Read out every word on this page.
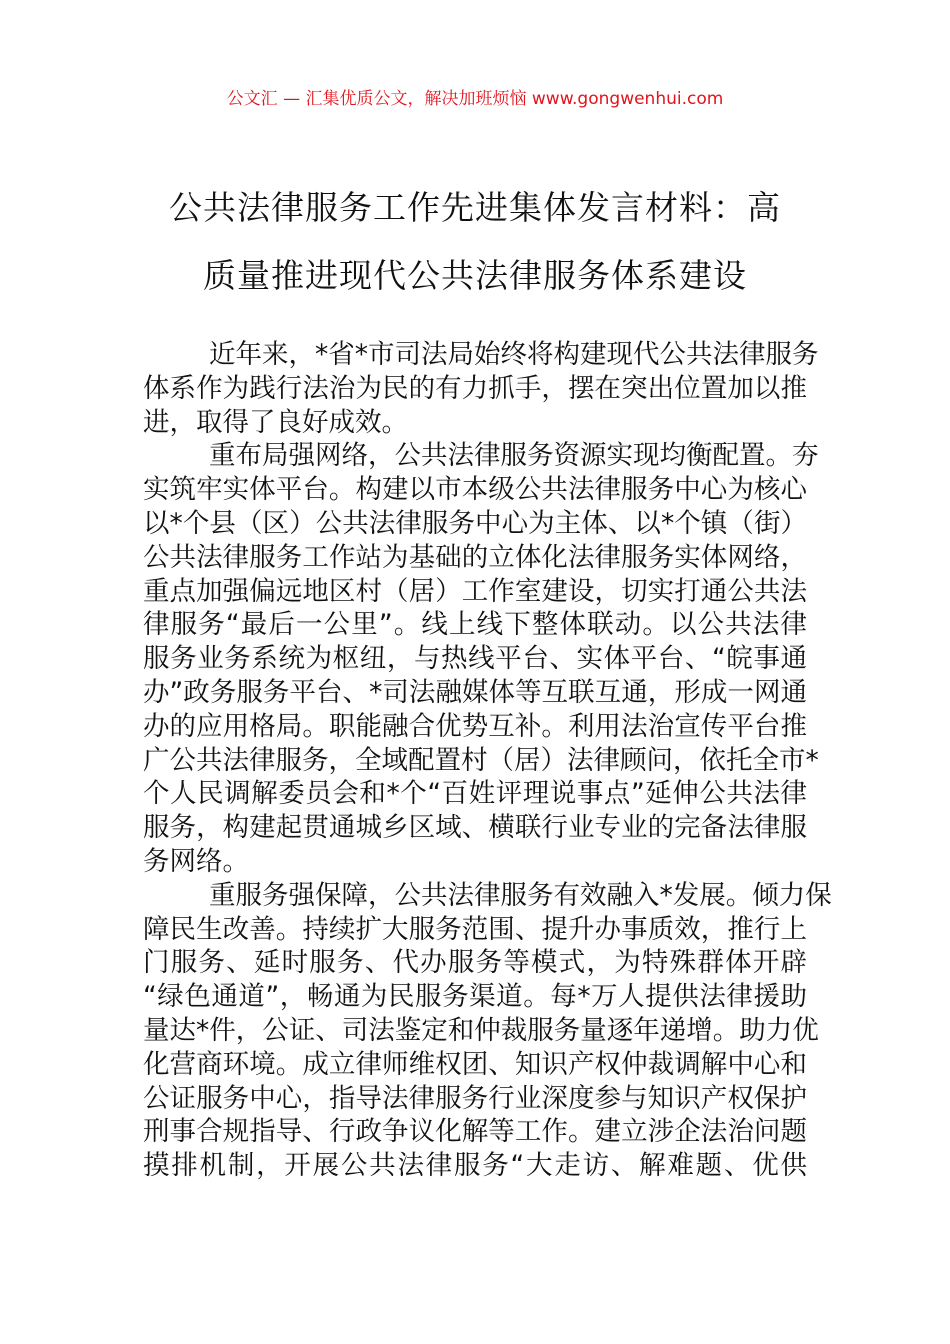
公文汇 — 汇集优质公文，解决加班烦恼 www.gongwenhui.com
公共法律服务工作先进集体发言材料：高
质量推进现代公共法律服务体系建设
近年来，*省*市司法局始终将构建现代公共法律服务
体系作为践行法治为民的有力抓手，摆在突出位置加以推
进，取得了良好成效。
重布局强网络，公共法律服务资源实现均衡配置。夯
实筑牢实体平台。构建以市本级公共法律服务中心为核心
以*个县（区）公共法律服务中心为主体、以*个镇（街）
公共法律服务工作站为基础的立体化法律服务实体网络，
重点加强偏远地区村（居）工作室建设，切实打通公共法
律服务“最后一公里”。线上线下整体联动。以公共法律
服务业务系统为枢纽，与热线平台、实体平台、“皖事通
办”政务服务平台、*司法融媒体等互联互通，形成一网通
办的应用格局。职能融合优势互补。利用法治宣传平台推
广公共法律服务，全域配置村（居）法律顾问，依托全市*
个人民调解委员会和*个“百姓评理说事点”延伸公共法律
服务，构建起贯通城乡区域、横联行业专业的完备法律服
务网络。
重服务强保障，公共法律服务有效融入*发展。倾力保
障民生改善。持续扩大服务范围、提升办事质效，推行上
门服务、延时服务、代办服务等模式，为特殊群体开辟
“绿色通道”，畅通为民服务渠道。每*万人提供法律援助
量达*件，公证、司法鉴定和仲裁服务量逐年递增。助力优
化营商环境。成立律师维权团、知识产权仲裁调解中心和
公证服务中心，指导法律服务行业深度参与知识产权保护
刑事合规指导、行政争议化解等工作。建立涉企法治问题
摸排机制，开展公共法律服务“大走访、解难题、优供
